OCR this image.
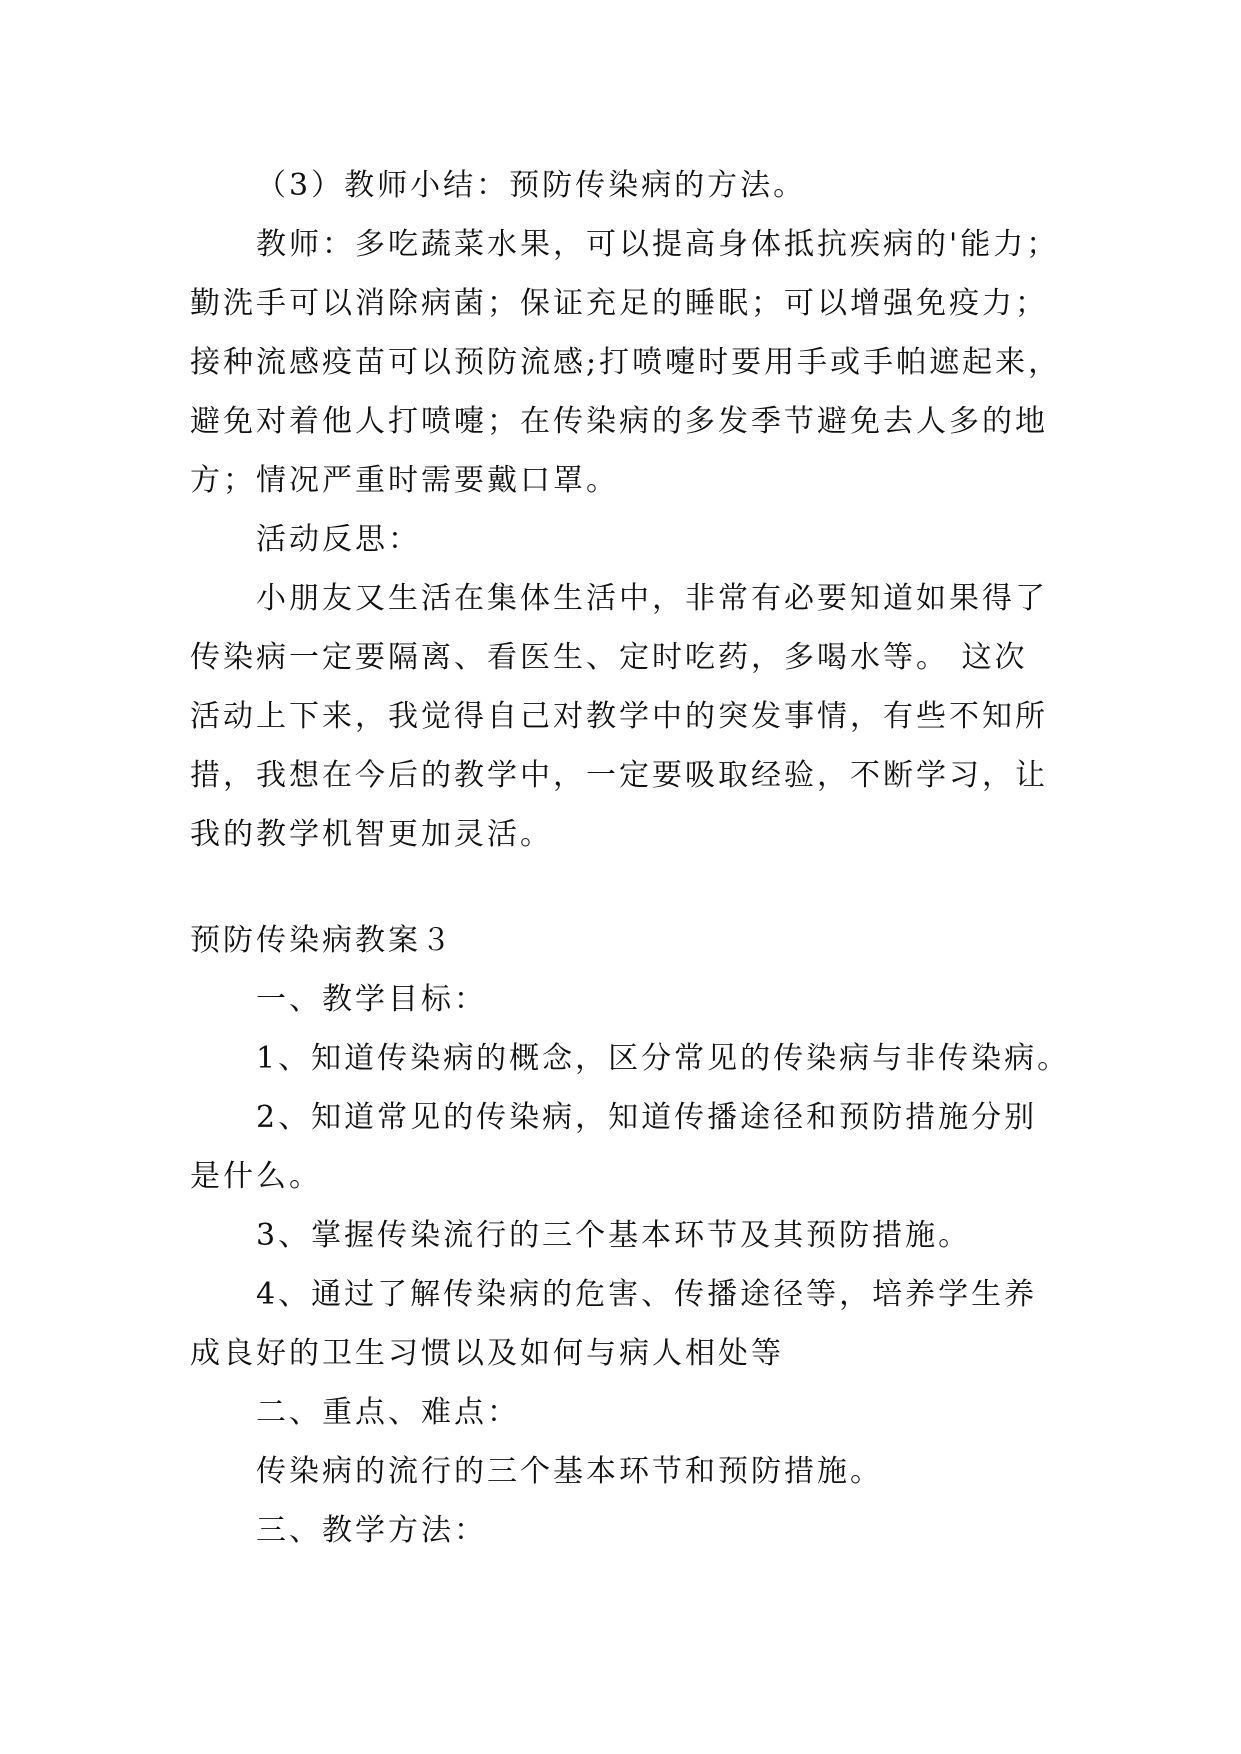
（3）教师小结：预防传染病的方法。
教师：多吃蔬菜水果，可以提高身体抵抗疾病的'能力；
勤洗手可以消除病菌；保证充足的睡眠；可以增强免疫力；
接种流感疫苗可以预防流感;打喷嚏时要用手或手帕遮起来，
避免对着他人打喷嚏；在传染病的多发季节避免去人多的地
方；情况严重时需要戴口罩。
活动反思：
小朋友又生活在集体生活中，非常有必要知道如果得了
传染病一定要隔离、看医生、定时吃药，多喝水等。 这次
活动上下来，我觉得自己对教学中的突发事情，有些不知所
措，我想在今后的教学中，一定要吸取经验，不断学习，让
我的教学机智更加灵活。
预防传染病教案３
一、教学目标：
1、知道传染病的概念，区分常见的传染病与非传染病。
2、知道常见的传染病，知道传播途径和预防措施分别
是什么。
3、掌握传染流行的三个基本环节及其预防措施。
4、通过了解传染病的危害、传播途径等，培养学生养
成良好的卫生习惯以及如何与病人相处等
二、重点、难点：
传染病的流行的三个基本环节和预防措施。
三、教学方法：
